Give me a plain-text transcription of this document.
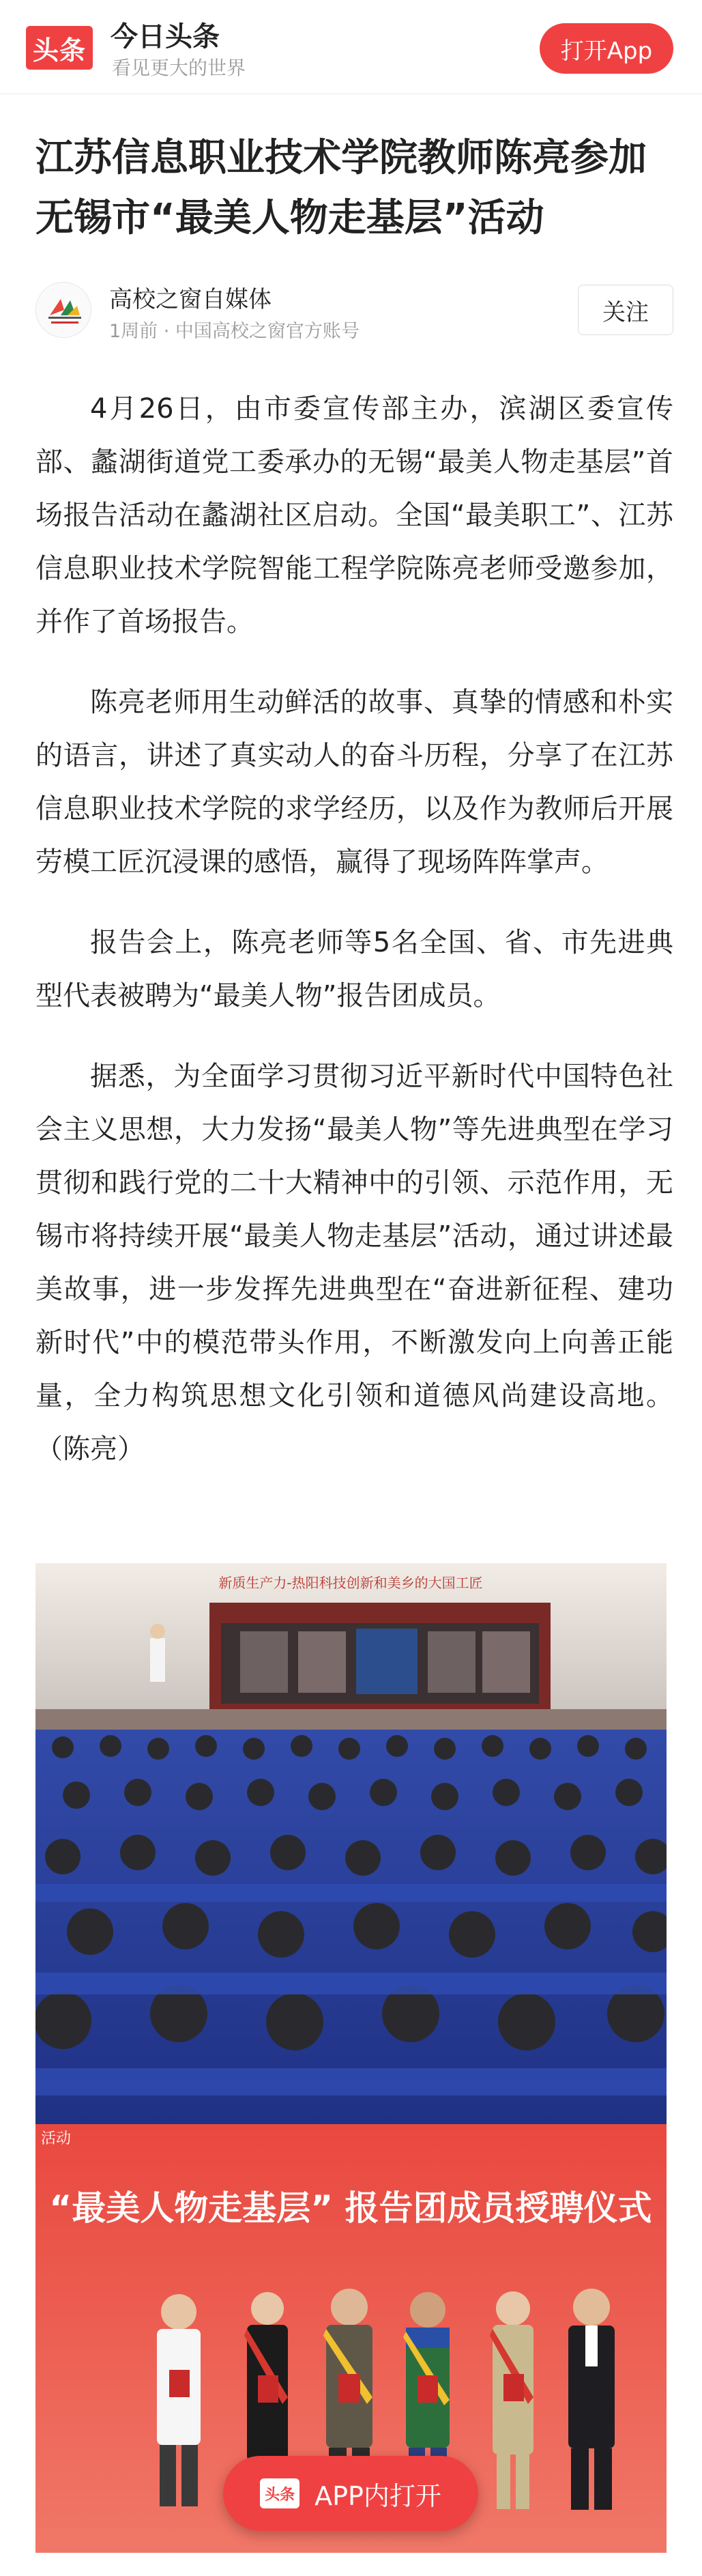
头条 今日头条
看见更大的世界
打开App
江苏信息职业技术学院教师陈亮参加无锡市“最美人物走基层”活动
高校之窗自媒体
1周前 · 中国高校之窗官方账号
关注

4月26日，由市委宣传部主办，滨湖区委宣传部、蠡湖街道党工委承办的无锡“最美人物走基层”首场报告活动在蠡湖社区启动。全国“最美职工”、江苏信息职业技术学院智能工程学院陈亮老师受邀参加，并作了首场报告。

陈亮老师用生动鲜活的故事、真挚的情感和朴实的语言，讲述了真实动人的奋斗历程，分享了在江苏信息职业技术学院的求学经历，以及作为教师后开展劳模工匠沉浸课的感悟，赢得了现场阵阵掌声。

报告会上，陈亮老师等5名全国、省、市先进典型代表被聘为“最美人物”报告团成员。

据悉，为全面学习贯彻习近平新时代中国特色社会主义思想，大力发扬“最美人物”等先进典型在学习贯彻和践行党的二十大精神中的引领、示范作用，无锡市将持续开展“最美人物走基层”活动，通过讲述最美故事，进一步发挥先进典型在“奋进新征程、建功新时代”中的模范带头作用，不断激发向上向善正能量，全力构筑思想文化引领和道德风尚建设高地。（陈亮）

新质生产力-热阳科技创新和美乡的大国工匠
活动
“最美人物走基层” 报告团成员授聘仪式
头条 APP内打开
